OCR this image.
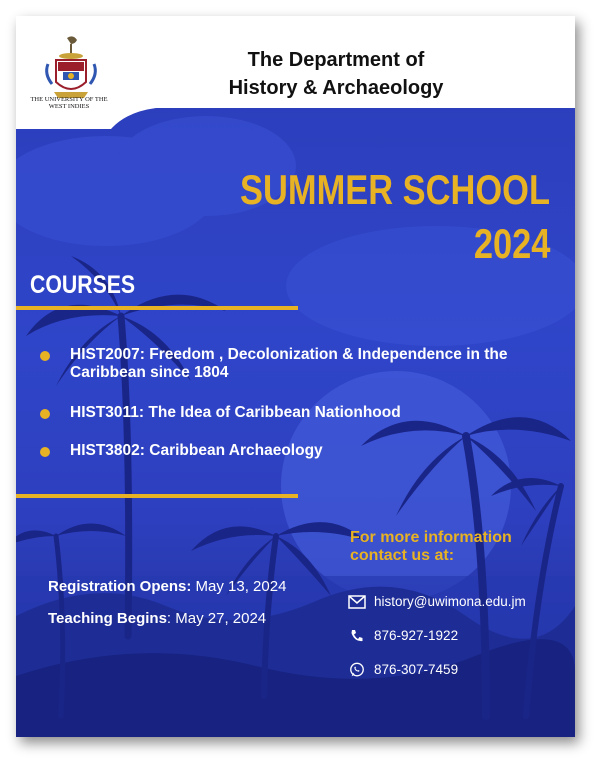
THE UNIVERSITY OF THE WEST INDIES
The Department of
History & Archaeology
SUMMER SCHOOL
2024
COURSES
HIST2007: Freedom , Decolonization & Independence in the Caribbean since 1804
HIST3011: The Idea of Caribbean Nationhood
HIST3802: Caribbean Archaeology
Registration Opens: May 13, 2024
Teaching Begins: May 27, 2024
For more information contact us at:
history@uwimona.edu.jm
876-927-1922
876-307-7459
